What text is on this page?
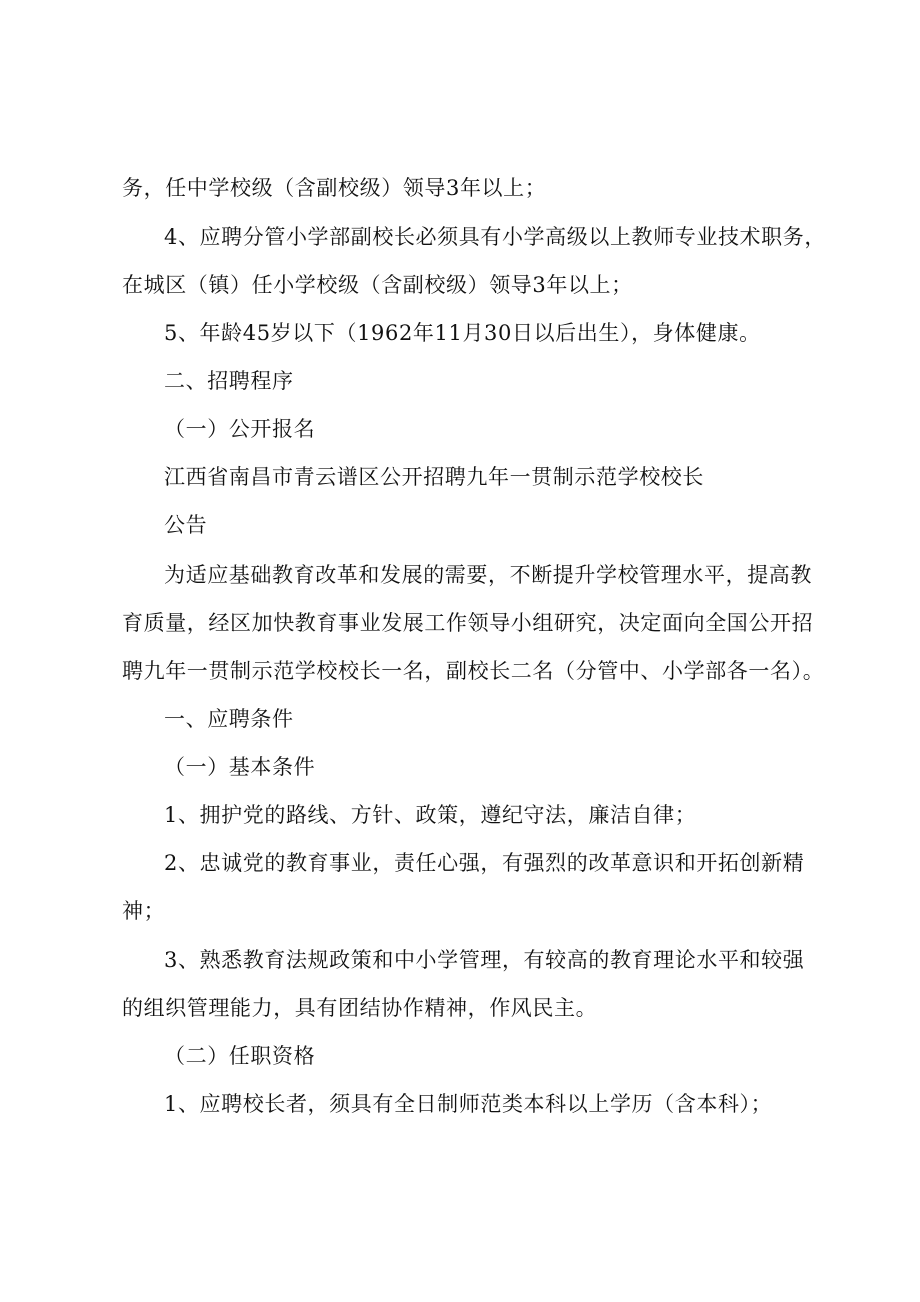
务，任中学校级（含副校级）领导3年以上；
4、应聘分管小学部副校长必须具有小学高级以上教师专业技术职务，
在城区（镇）任小学校级（含副校级）领导3年以上；
5、年龄45岁以下（1962年11月30日以后出生），身体健康。
二、招聘程序
（一）公开报名
江西省南昌市青云谱区公开招聘九年一贯制示范学校校长
公告
为适应基础教育改革和发展的需要，不断提升学校管理水平，提高教
育质量，经区加快教育事业发展工作领导小组研究，决定面向全国公开招
聘九年一贯制示范学校校长一名，副校长二名（分管中、小学部各一名）。
一、应聘条件
（一）基本条件
1、拥护党的路线、方针、政策，遵纪守法，廉洁自律；
2、忠诚党的教育事业，责任心强，有强烈的改革意识和开拓创新精
神；
3、熟悉教育法规政策和中小学管理，有较高的教育理论水平和较强
的组织管理能力，具有团结协作精神，作风民主。
（二）任职资格
1、应聘校长者，须具有全日制师范类本科以上学历（含本科）；
